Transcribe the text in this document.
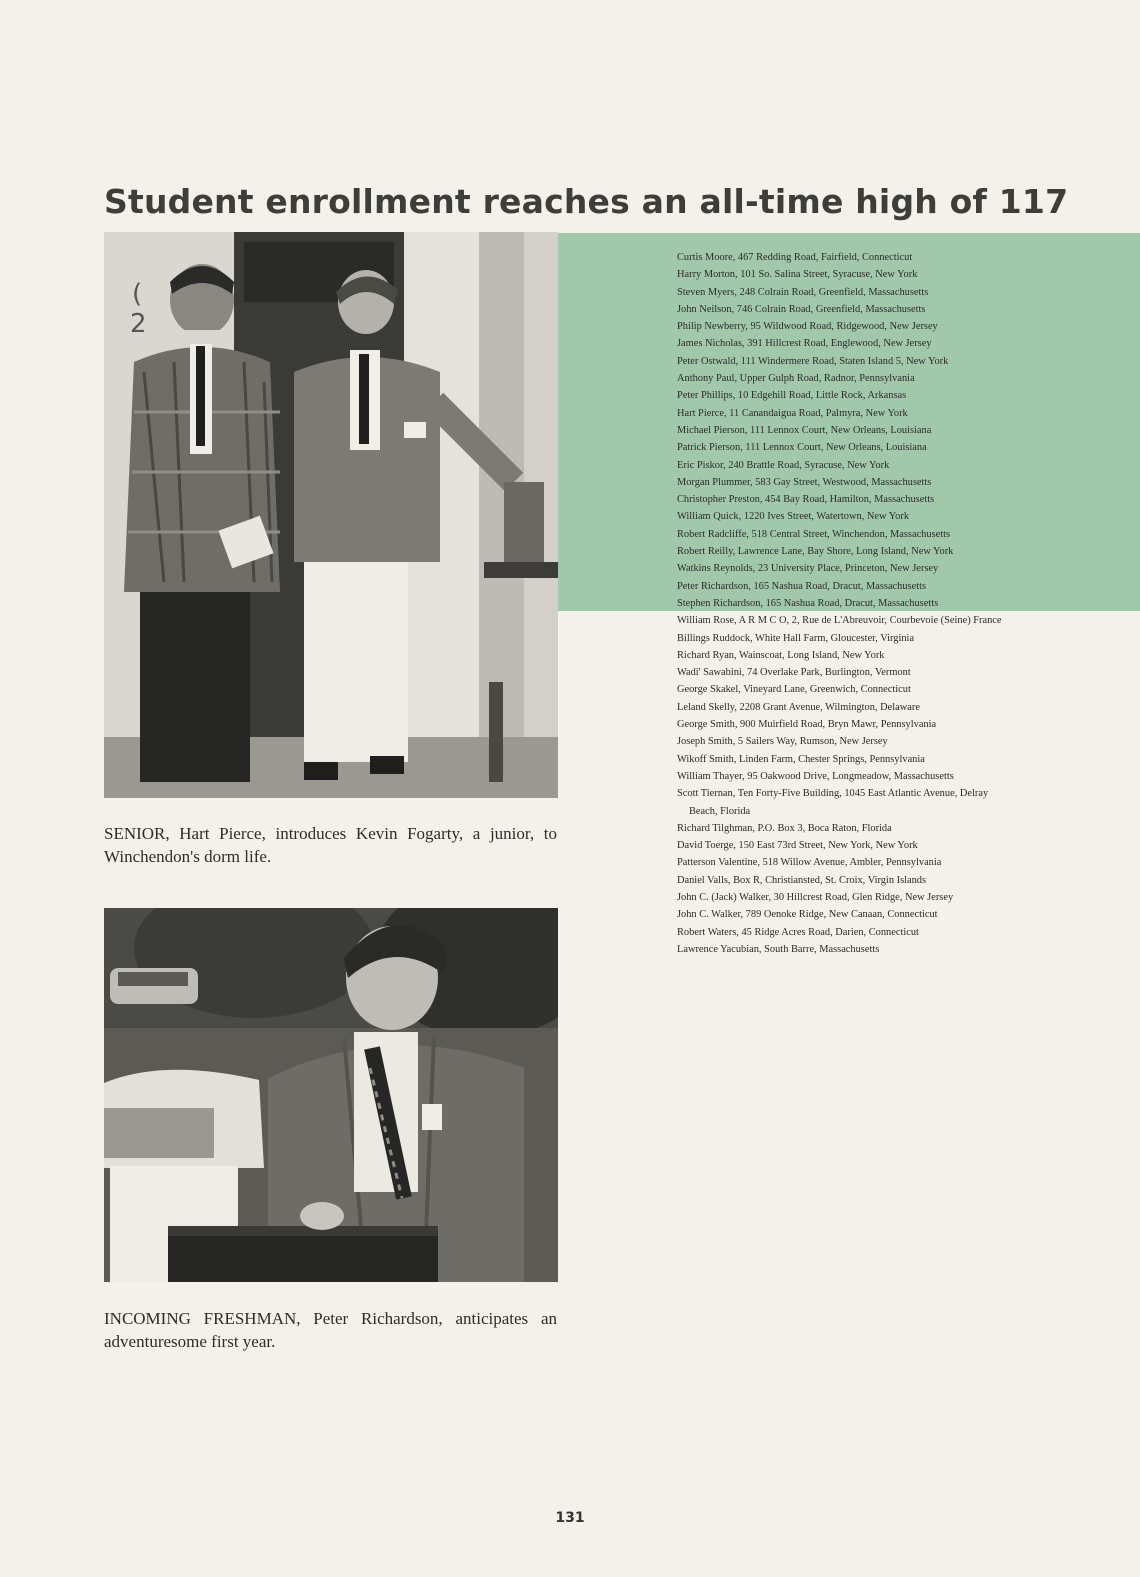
Student enrollment reaches an all-time high of 117
(
2
SENIOR, Hart Pierce, introduces Kevin Fogarty, a junior, to Winchendon's dorm life.
INCOMING FRESHMAN, Peter Richardson, anticipates an adventuresome first year.
Curtis Moore, 467 Redding Road, Fairfield, Connecticut
Harry Morton, 101 So. Salina Street, Syracuse, New York
Steven Myers, 248 Colrain Road, Greenfield, Massachusetts
John Neilson, 746 Colrain Road, Greenfield, Massachusetts
Philip Newberry, 95 Wildwood Road, Ridgewood, New Jersey
James Nicholas, 391 Hillcrest Road, Englewood, New Jersey
Peter Ostwald, 111 Windermere Road, Staten Island 5, New York
Anthony Paul, Upper Gulph Road, Radnor, Pennsylvania
Peter Phillips, 10 Edgehill Road, Little Rock, Arkansas
Hart Pierce, 11 Canandaigua Road, Palmyra, New York
Michael Pierson, 111 Lennox Court, New Orleans, Louisiana
Patrick Pierson, 111 Lennox Court, New Orleans, Louisiana
Eric Piskor, 240 Brattle Road, Syracuse, New York
Morgan Plummer, 583 Gay Street, Westwood, Massachusetts
Christopher Preston, 454 Bay Road, Hamilton, Massachusetts
William Quick, 1220 Ives Street, Watertown, New York
Robert Radcliffe, 518 Central Street, Winchendon, Massachusetts
Robert Reilly, Lawrence Lane, Bay Shore, Long Island, New York
Watkins Reynolds, 23 University Place, Princeton, New Jersey
Peter Richardson, 165 Nashua Road, Dracut, Massachusetts
Stephen Richardson, 165 Nashua Road, Dracut, Massachusetts
William Rose, A R M C O, 2, Rue de L'Abreuvoir, Courbevoie (Seine) France
Billings Ruddock, White Hall Farm, Gloucester, Virginia
Richard Ryan, Wainscoat, Long Island, New York
Wadi' Sawabini, 74 Overlake Park, Burlington, Vermont
George Skakel, Vineyard Lane, Greenwich, Connecticut
Leland Skelly, 2208 Grant Avenue, Wilmington, Delaware
George Smith, 900 Muirfield Road, Bryn Mawr, Pennsylvania
Joseph Smith, 5 Sailers Way, Rumson, New Jersey
Wikoff Smith, Linden Farm, Chester Springs, Pennsylvania
William Thayer, 95 Oakwood Drive, Longmeadow, Massachusetts
Scott Tiernan, Ten Forty-Five Building, 1045 East Atlantic Avenue, Delray Beach, Florida
Richard Tilghman, P.O. Box 3, Boca Raton, Florida
David Toerge, 150 East 73rd Street, New York, New York
Patterson Valentine, 518 Willow Avenue, Ambler, Pennsylvania
Daniel Valls, Box R, Christiansted, St. Croix, Virgin Islands
John C. (Jack) Walker, 30 Hillcrest Road, Glen Ridge, New Jersey
John C. Walker, 789 Oenoke Ridge, New Canaan, Connecticut
Robert Waters, 45 Ridge Acres Road, Darien, Connecticut
Lawrence Yacubian, South Barre, Massachusetts
131
